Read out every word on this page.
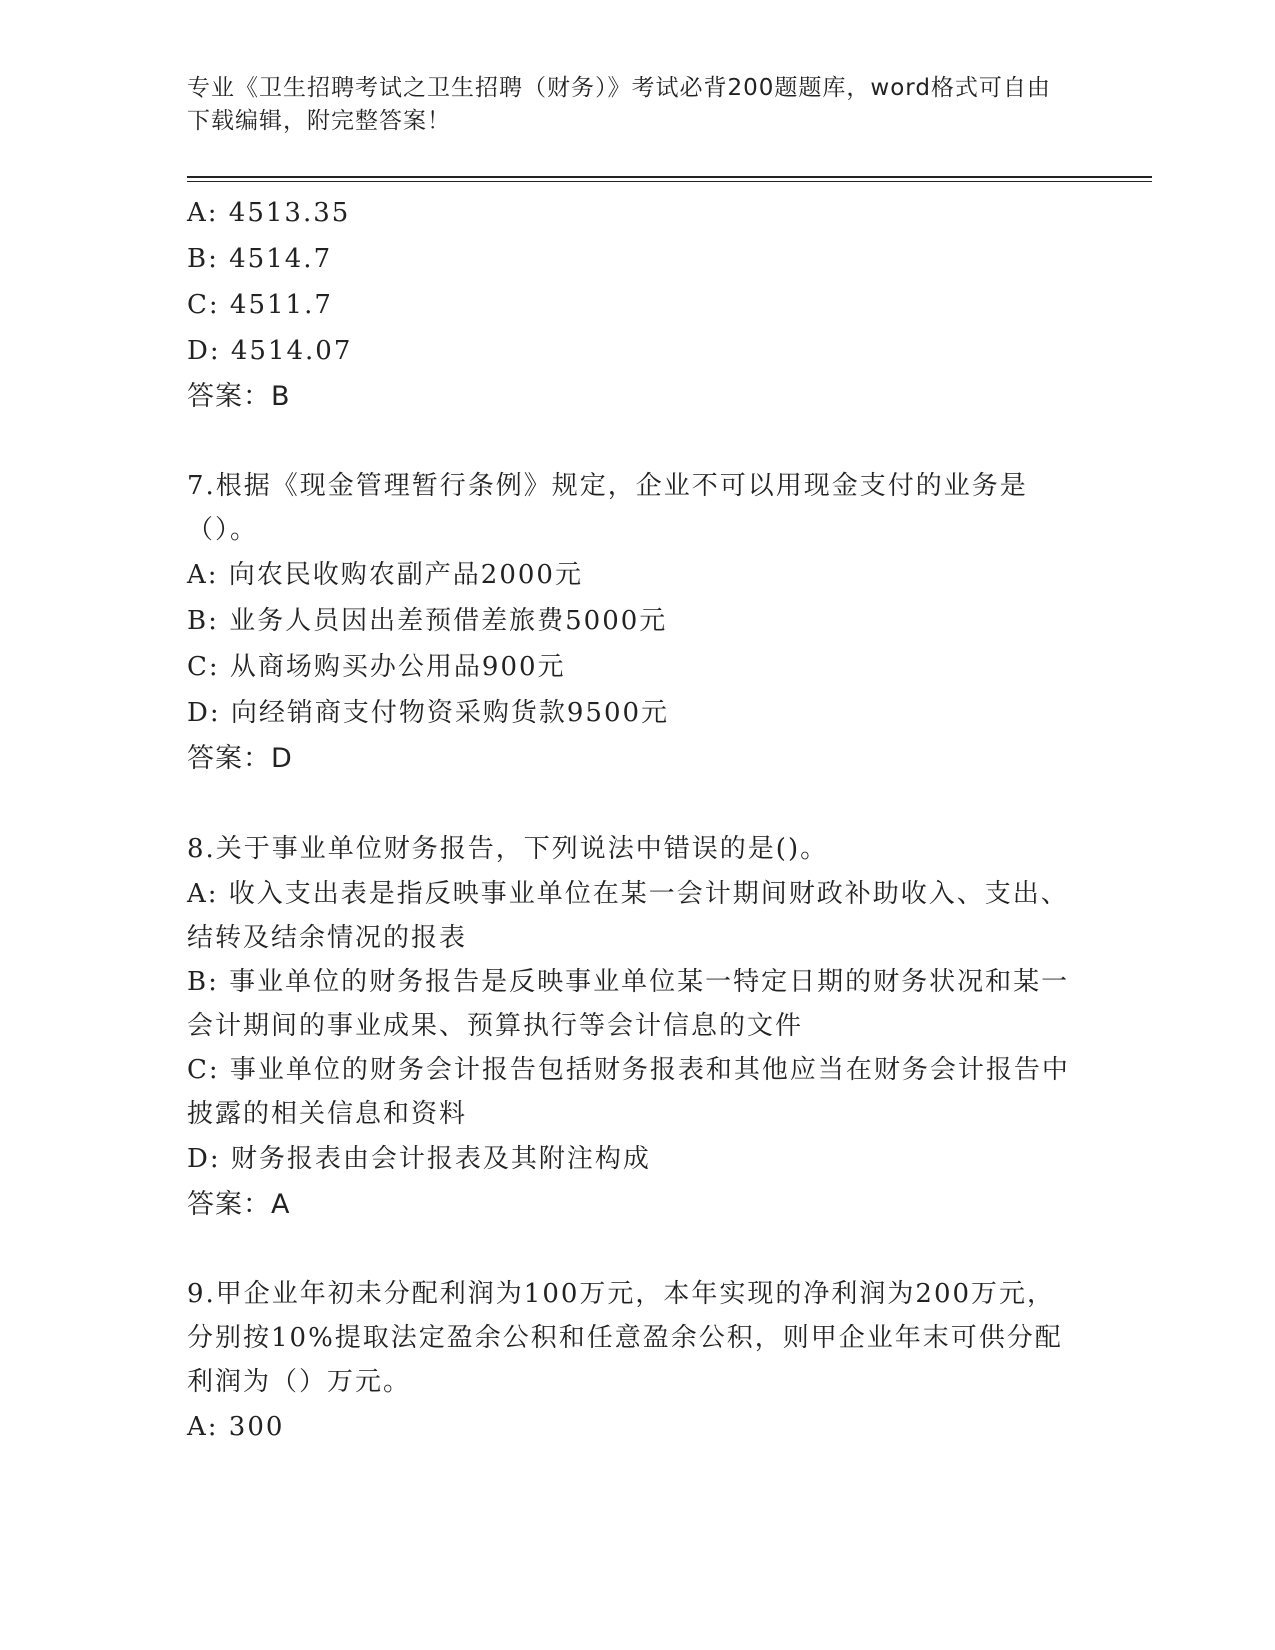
专业《卫生招聘考试之卫生招聘（财务）》考试必背200题题库，word格式可自由下载编辑，附完整答案！
A: 4513.35
B: 4514.7
C: 4511.7
D: 4514.07
答案：B
7.根据《现金管理暂行条例》规定，企业不可以用现金支付的业务是（）。
A: 向农民收购农副产品2000元
B: 业务人员因出差预借差旅费5000元
C: 从商场购买办公用品900元
D: 向经销商支付物资采购货款9500元
答案：D
8.关于事业单位财务报告，下列说法中错误的是()。
A: 收入支出表是指反映事业单位在某一会计期间财政补助收入、支出、结转及结余情况的报表
B: 事业单位的财务报告是反映事业单位某一特定日期的财务状况和某一会计期间的事业成果、预算执行等会计信息的文件
C: 事业单位的财务会计报告包括财务报表和其他应当在财务会计报告中披露的相关信息和资料
D: 财务报表由会计报表及其附注构成
答案：A
9.甲企业年初未分配利润为100万元，本年实现的净利润为200万元，分别按10%提取法定盈余公积和任意盈余公积，则甲企业年末可供分配利润为（）万元。
A: 300
